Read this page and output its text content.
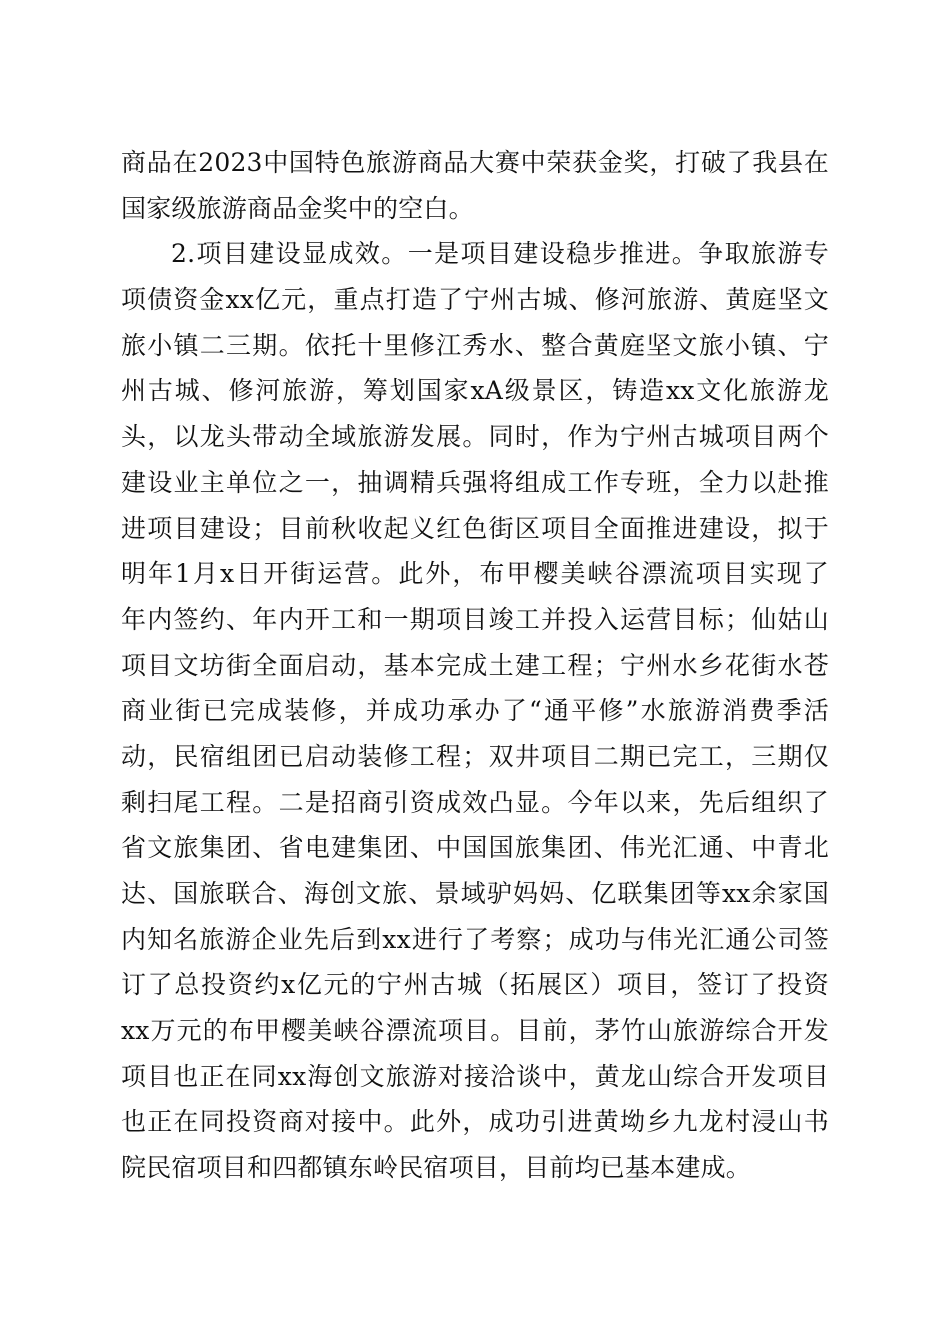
商品在2023中国特色旅游商品大赛中荣获金奖，打破了我县在
国家级旅游商品金奖中的空白。
2.项目建设显成效。一是项目建设稳步推进。争取旅游专
项债资金xx亿元，重点打造了宁州古城、修河旅游、黄庭坚文
旅小镇二三期。依托十里修江秀水、整合黄庭坚文旅小镇、宁
州古城、修河旅游，筹划国家xA级景区，铸造xx文化旅游龙
头，以龙头带动全域旅游发展。同时，作为宁州古城项目两个
建设业主单位之一，抽调精兵强将组成工作专班，全力以赴推
进项目建设；目前秋收起义红色街区项目全面推进建设，拟于
明年1月x日开街运营。此外，布甲樱美峡谷漂流项目实现了
年内签约、年内开工和一期项目竣工并投入运营目标；仙姑山
项目文坊街全面启动，基本完成土建工程；宁州水乡花街水苍
商业街已完成装修，并成功承办了“通平修”水旅游消费季活
动，民宿组团已启动装修工程；双井项目二期已完工，三期仅
剩扫尾工程。二是招商引资成效凸显。今年以来，先后组织了
省文旅集团、省电建集团、中国国旅集团、伟光汇通、中青北
达、国旅联合、海创文旅、景域驴妈妈、亿联集团等xx余家国
内知名旅游企业先后到xx进行了考察；成功与伟光汇通公司签
订了总投资约x亿元的宁州古城（拓展区）项目，签订了投资
xx万元的布甲樱美峡谷漂流项目。目前，茅竹山旅游综合开发
项目也正在同xx海创文旅游对接洽谈中，黄龙山综合开发项目
也正在同投资商对接中。此外，成功引进黄坳乡九龙村浸山书
院民宿项目和四都镇东岭民宿项目，目前均已基本建成。
